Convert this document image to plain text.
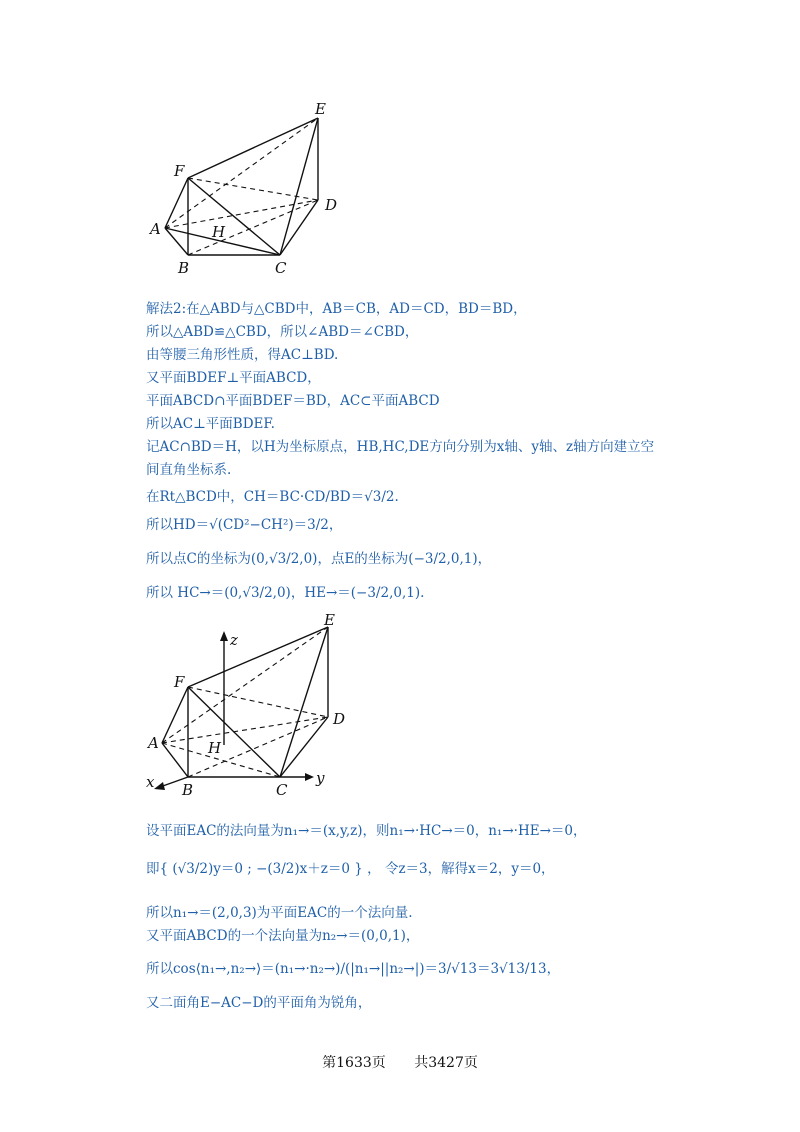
E
F
D
A	H
B	C
解法2:在△ABD与△CBD中，AB＝CB，AD＝CD，BD＝BD，
所以△ABD≌△CBD，所以∠ABD＝∠CBD，
由等腰三角形性质，得AC⊥BD.
又平面BDEF⊥平面ABCD，
平面ABCD∩平面BDEF＝BD，AC⊂平面ABCD
所以AC⊥平面BDEF.
记AC∩BD＝H，以H为坐标原点，HB,HC,DE方向分别为x轴、y轴、z轴方向建立空
间直角坐标系.
在Rt△BCD中，CH＝BC·CD/BD＝√3/2.
所以HD＝√(CD²−CH²)＝3/2，
所以点C的坐标为(0,√3/2,0)，点E的坐标为(−3/2,0,1)，
所以 HC→＝(0,√3/2,0)，HE→＝(−3/2,0,1).
E
F
D
A	H
B	C
x	y
z
设平面EAC的法向量为n₁→＝(x,y,z)，则n₁→·HC→＝0，n₁→·HE→＝0，
即{ (√3/2)y＝0 ; −(3/2)x＋z＝0 } ， 令z＝3，解得x＝2，y＝0，
所以n₁→＝(2,0,3)为平面EAC的一个法向量.
又平面ABCD的一个法向量为n₂→＝(0,0,1)，
所以cos⟨n₁→,n₂→⟩＝(n₁→·n₂→)/(|n₁→||n₂→|)＝3/√13＝3√13/13，
又二面角E−AC−D的平面角为锐角，
第1633页 共3427页
